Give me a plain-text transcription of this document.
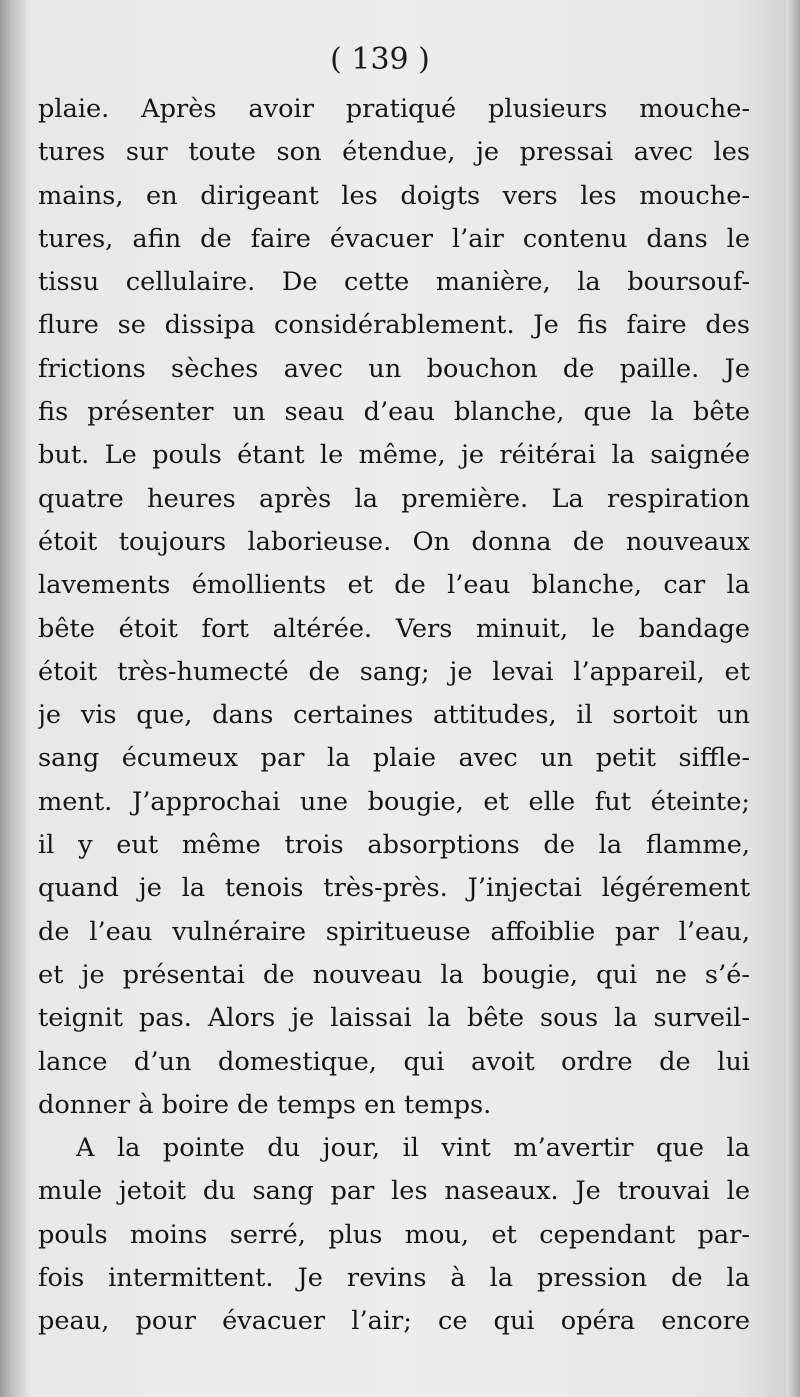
( 139 )
plaie. Après avoir pratiqué plusieurs mouche-
tures sur toute son étendue, je pressai avec les
mains, en dirigeant les doigts vers les mouche-
tures, afin de faire évacuer l’air contenu dans le
tissu cellulaire. De cette manière, la boursouf-
flure se dissipa considérablement. Je fis faire des
frictions sèches avec un bouchon de paille. Je
fis présenter un seau d’eau blanche, que la bête
but. Le pouls étant le même, je réitérai la saignée
quatre heures après la première. La respiration
étoit toujours laborieuse. On donna de nouveaux
lavements émollients et de l’eau blanche, car la
bête étoit fort altérée. Vers minuit, le bandage
étoit très-humecté de sang; je levai l’appareil, et
je vis que, dans certaines attitudes, il sortoit un
sang écumeux par la plaie avec un petit siffle-
ment. J’approchai une bougie, et elle fut éteinte;
il y eut même trois absorptions de la flamme,
quand je la tenois très-près. J’injectai légérement
de l’eau vulnéraire spiritueuse affoiblie par l’eau,
et je présentai de nouveau la bougie, qui ne s’é-
teignit pas. Alors je laissai la bête sous la surveil-
lance d’un domestique, qui avoit ordre de lui
donner à boire de temps en temps.
A la pointe du jour, il vint m’avertir que la
mule jetoit du sang par les naseaux. Je trouvai le
pouls moins serré, plus mou, et cependant par-
fois intermittent. Je revins à la pression de la
peau, pour évacuer l’air; ce qui opéra encore
